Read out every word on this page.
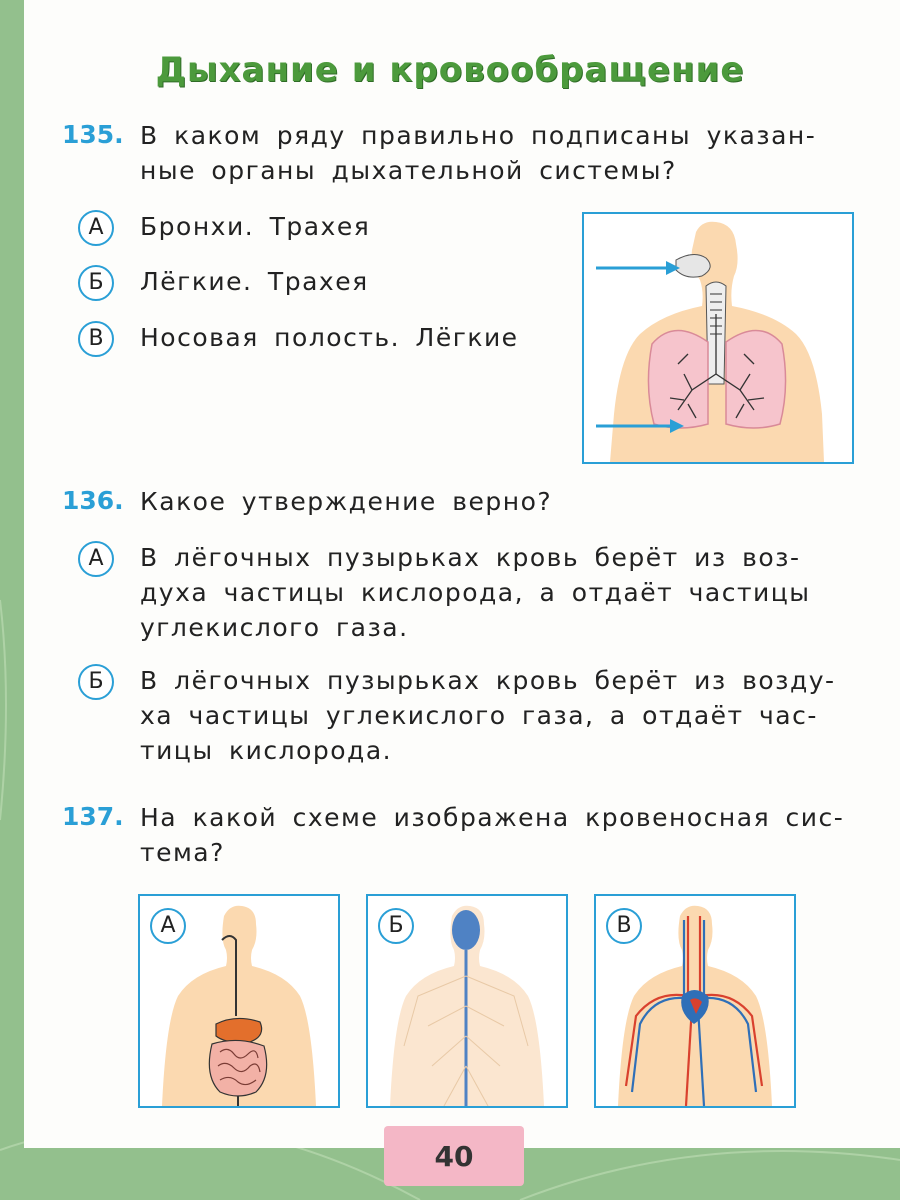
Дыхание и кровообращение
135. В каком ряду правильно подписаны указан-
ные органы дыхательной системы?
А	Бронхи. Трахея
Б	Лёгкие. Трахея
В	Носовая полость. Лёгкие
136. Какое утверждение верно?
А	В лёгочных пузырьках кровь берёт из воз-
духа частицы кислорода, а отдаёт частицы
углекислого газа.
Б	В лёгочных пузырьках кровь берёт из возду-
ха частицы углекислого газа, а отдаёт час-
тицы кислорода.
137. На какой схеме изображена кровеносная сис-
тема?
А	Б	В
40
